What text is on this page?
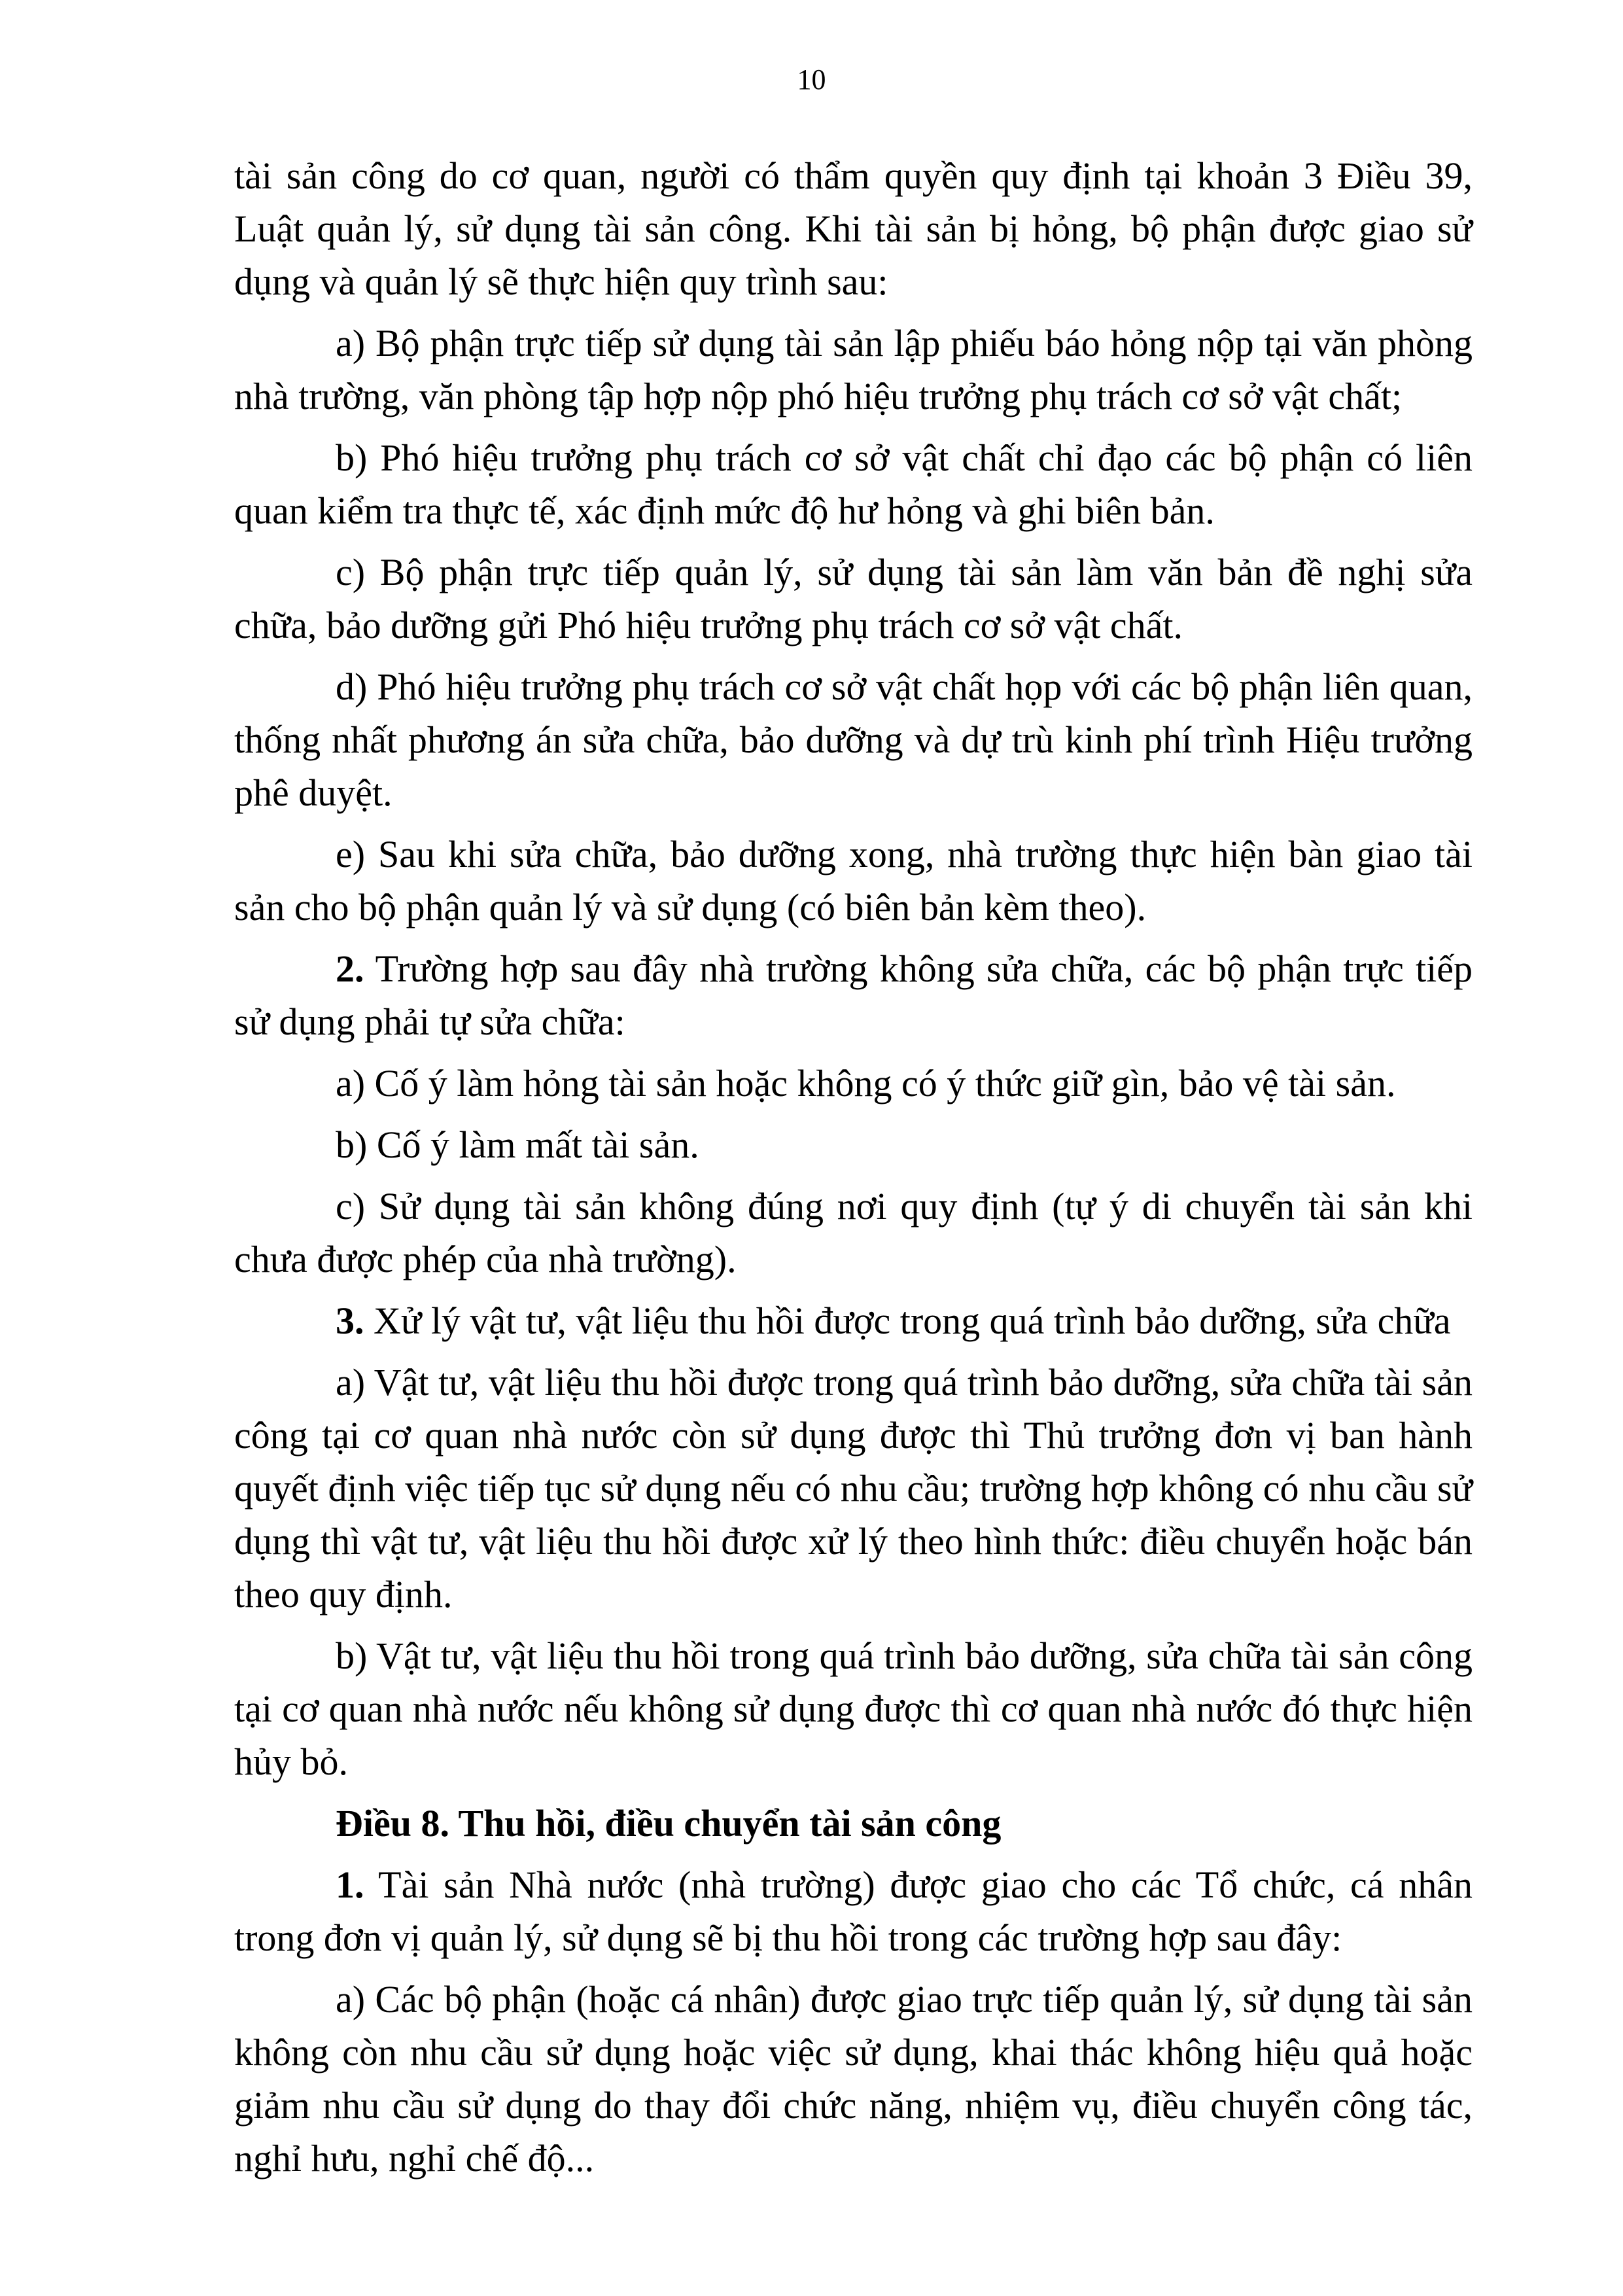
10

tài sản công do cơ quan, người có thẩm quyền quy định tại khoản 3 Điều 39, Luật quản lý, sử dụng tài sản công. Khi tài sản bị hỏng, bộ phận được giao sử dụng và quản lý sẽ thực hiện quy trình sau:

a) Bộ phận trực tiếp sử dụng tài sản lập phiếu báo hỏng nộp tại văn phòng nhà trường, văn phòng tập hợp nộp phó hiệu trưởng phụ trách cơ sở vật chất;

b) Phó hiệu trưởng phụ trách cơ sở vật chất chỉ đạo các bộ phận có liên quan kiểm tra thực tế, xác định mức độ hư hỏng và ghi biên bản.

c) Bộ phận trực tiếp quản lý, sử dụng tài sản làm văn bản đề nghị sửa chữa, bảo dưỡng gửi Phó hiệu trưởng phụ trách cơ sở vật chất.

d) Phó hiệu trưởng phụ trách cơ sở vật chất họp với các bộ phận liên quan, thống nhất phương án sửa chữa, bảo dưỡng và dự trù kinh phí trình Hiệu trưởng phê duyệt.

e) Sau khi sửa chữa, bảo dưỡng xong, nhà trường thực hiện bàn giao tài sản cho bộ phận quản lý và sử dụng (có biên bản kèm theo).

2. Trường hợp sau đây nhà trường không sửa chữa, các bộ phận trực tiếp sử dụng phải tự sửa chữa:

a) Cố ý làm hỏng tài sản hoặc không có ý thức giữ gìn, bảo vệ tài sản.

b) Cố ý làm mất tài sản.

c) Sử dụng tài sản không đúng nơi quy định (tự ý di chuyển tài sản khi chưa được phép của nhà trường).

3. Xử lý vật tư, vật liệu thu hồi được trong quá trình bảo dưỡng, sửa chữa

a) Vật tư, vật liệu thu hồi được trong quá trình bảo dưỡng, sửa chữa tài sản công tại cơ quan nhà nước còn sử dụng được thì Thủ trưởng đơn vị ban hành quyết định việc tiếp tục sử dụng nếu có nhu cầu; trường hợp không có nhu cầu sử dụng thì vật tư, vật liệu thu hồi được xử lý theo hình thức: điều chuyển hoặc bán theo quy định.

b) Vật tư, vật liệu thu hồi trong quá trình bảo dưỡng, sửa chữa tài sản công tại cơ quan nhà nước nếu không sử dụng được thì cơ quan nhà nước đó thực hiện hủy bỏ.

Điều 8. Thu hồi, điều chuyển tài sản công

1. Tài sản Nhà nước (nhà trường) được giao cho các Tổ chức, cá nhân trong đơn vị quản lý, sử dụng sẽ bị thu hồi trong các trường hợp sau đây:

a) Các bộ phận (hoặc cá nhân) được giao trực tiếp quản lý, sử dụng tài sản không còn nhu cầu sử dụng hoặc việc sử dụng, khai thác không hiệu quả hoặc giảm nhu cầu sử dụng do thay đổi chức năng, nhiệm vụ, điều chuyển công tác, nghỉ hưu, nghỉ chế độ...
